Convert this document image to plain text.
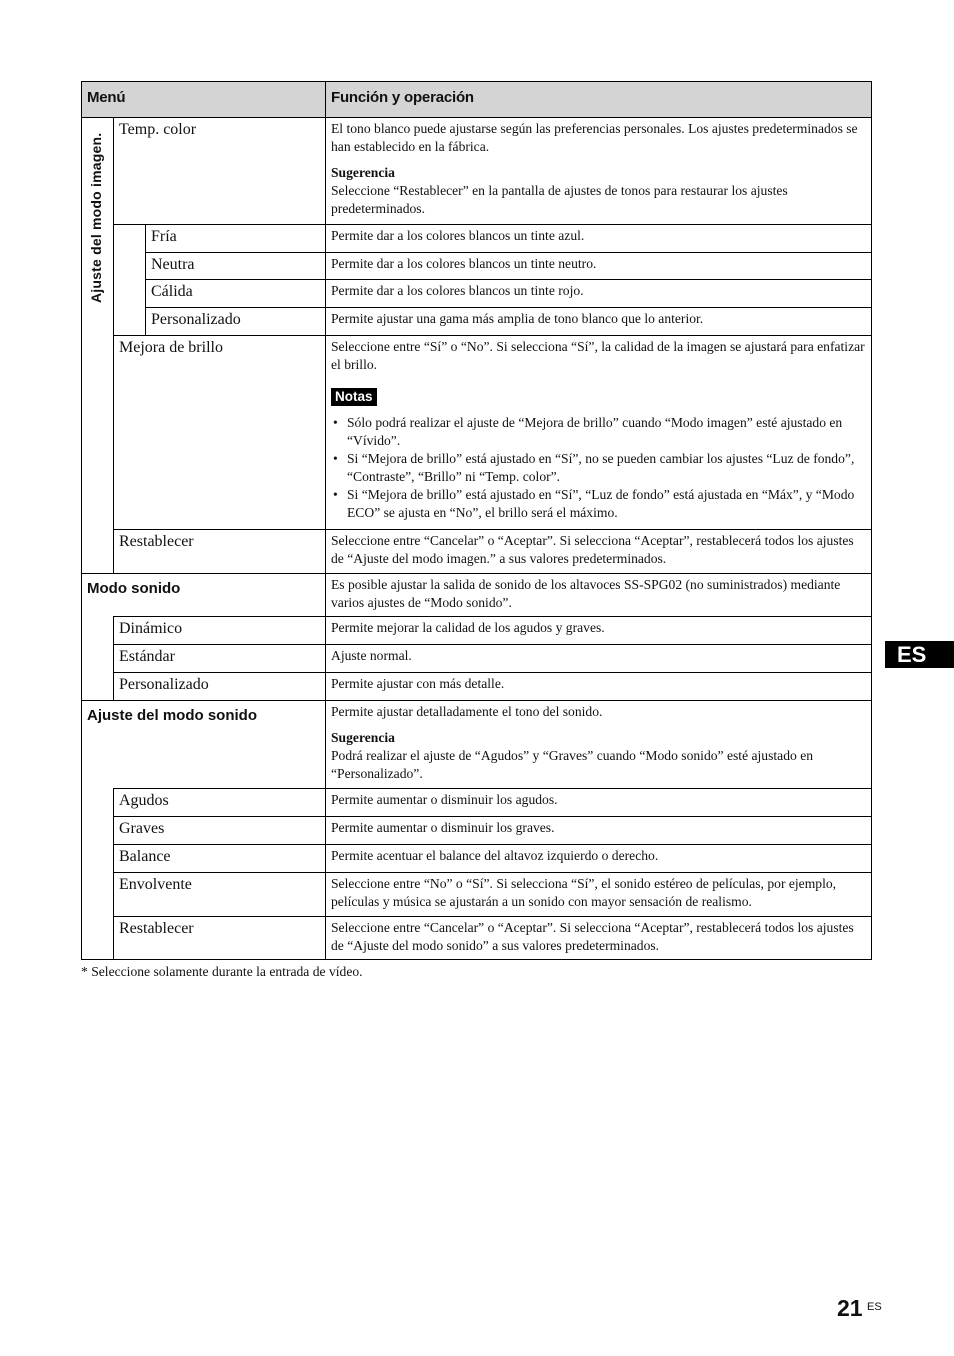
Menú	Función y operación
Ajuste del modo imagen.
Temp. color	El tono blanco puede ajustarse según las preferencias personales. Los ajustes predeterminados se han establecido en la fábrica.

Sugerencia

Seleccione “Restablecer” en la pantalla de ajustes de tonos para restaurar los ajustes predeterminados.

Fría	Permite dar a los colores blancos un tinte azul.
Neutra	Permite dar a los colores blancos un tinte neutro.
Cálida	Permite dar a los colores blancos un tinte rojo.
Personalizado	Permite ajustar una gama más amplia de tono blanco que lo anterior.
Mejora de brillo	Seleccione entre “Sí” o “No”. Si selecciona “Sí”, la calidad de la imagen se ajustará para enfatizar el brillo.

Notas
• Sólo podrá realizar el ajuste de “Mejora de brillo” cuando “Modo imagen” esté ajustado en “Vívido”.
• Si “Mejora de brillo” está ajustado en “Sí”, no se pueden cambiar los ajustes “Luz de fondo”, “Contraste”, “Brillo” ni “Temp. color”.
• Si “Mejora de brillo” está ajustado en “Sí”, “Luz de fondo” está ajustada en “Máx”, y “Modo ECO” se ajusta en “No”, el brillo será el máximo.
Restablecer	Seleccione entre “Cancelar” o “Aceptar”. Si selecciona “Aceptar”, restablecerá todos los ajustes de “Ajuste del modo imagen.” a sus valores predeterminados.
Modo sonido	Es posible ajustar la salida de sonido de los altavoces SS-SPG02 (no suministrados) mediante varios ajustes de “Modo sonido”.
Dinámico	Permite mejorar la calidad de los agudos y graves.
Estándar	Ajuste normal.
Personalizado	Permite ajustar con más detalle.
Ajuste del modo sonido	Permite ajustar detalladamente el tono del sonido.

Sugerencia

Podrá realizar el ajuste de “Agudos” y “Graves” cuando “Modo sonido” esté ajustado en “Personalizado”.

Agudos	Permite aumentar o disminuir los agudos.
Graves	Permite aumentar o disminuir los graves.
Balance	Permite acentuar el balance del altavoz izquierdo o derecho.
Envolvente	Seleccione entre “No” o “Sí”. Si selecciona “Sí”, el sonido estéreo de películas, por ejemplo, películas y música se ajustarán a un sonido con mayor sensación de realismo.
Restablecer	Seleccione entre “Cancelar” o “Aceptar”. Si selecciona “Aceptar”, restablecerá todos los ajustes de “Ajuste del modo sonido” a sus valores predeterminados.
* Seleccione solamente durante la entrada de vídeo.
ES
21 ES
